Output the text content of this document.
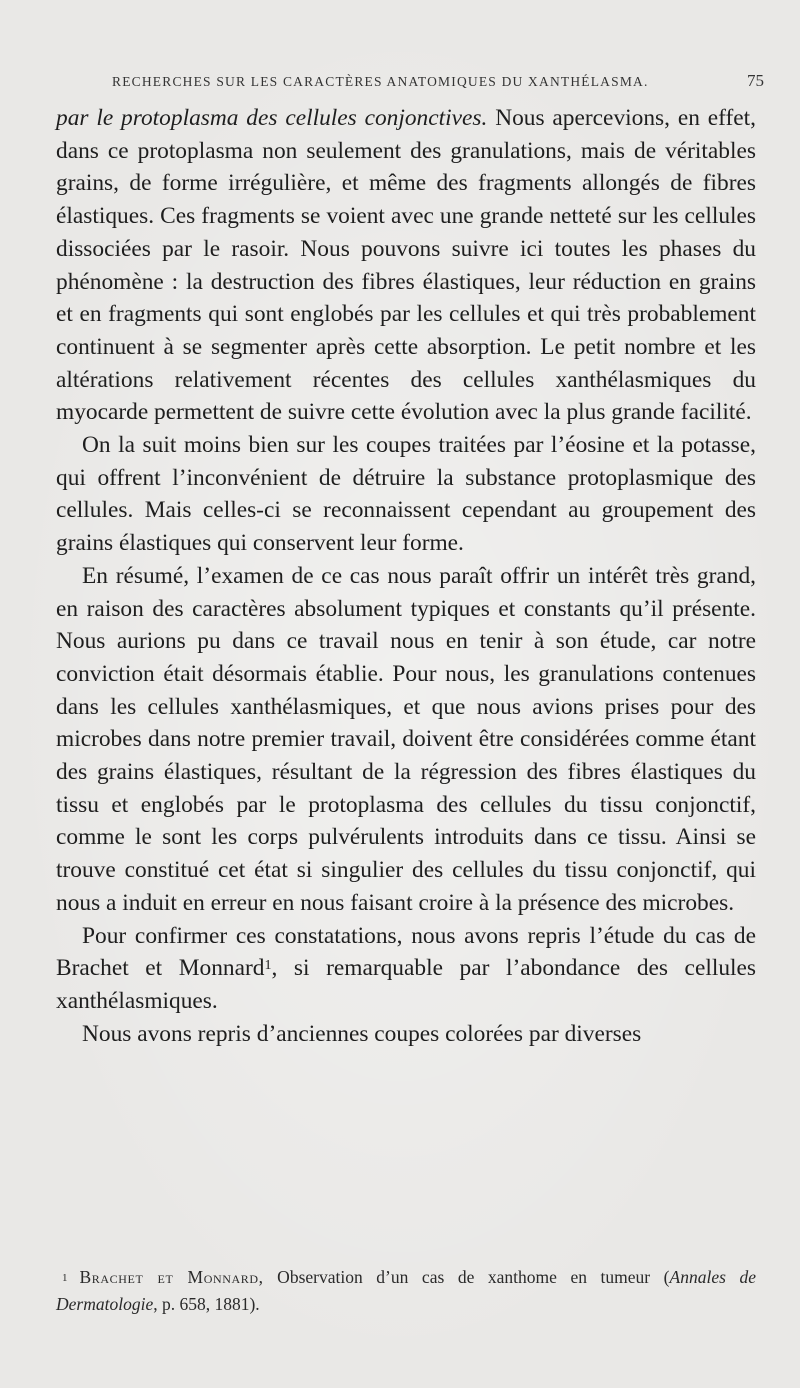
RECHERCHES SUR LES CARACTÈRES ANATOMIQUES DU XANTHÉLASMA.	75

par le protoplasma des cellules conjonctives. Nous apercevions, en effet, dans ce protoplasma non seulement des granulations, mais de véritables grains, de forme irrégulière, et même des fragments allongés de fibres élastiques. Ces fragments se voient avec une grande netteté sur les cellules dissociées par le rasoir. Nous pouvons suivre ici toutes les phases du phénomène : la destruction des fibres élastiques, leur réduction en grains et en fragments qui sont englobés par les cellules et qui très probablement continuent à se segmenter après cette absorption. Le petit nombre et les altérations relativement récentes des cellules xanthélasmiques du myocarde permettent de suivre cette évolution avec la plus grande facilité.

On la suit moins bien sur les coupes traitées par l’éosine et la potasse, qui offrent l’inconvénient de détruire la substance protoplasmique des cellules. Mais celles-ci se reconnaissent cependant au groupement des grains élastiques qui conservent leur forme.

En résumé, l’examen de ce cas nous paraît offrir un intérêt très grand, en raison des caractères absolument typiques et constants qu’il présente. Nous aurions pu dans ce travail nous en tenir à son étude, car notre conviction était désormais établie. Pour nous, les granulations contenues dans les cellules xanthélasmiques, et que nous avions prises pour des microbes dans notre premier travail, doivent être considérées comme étant des grains élastiques, résultant de la régression des fibres élastiques du tissu et englobés par le protoplasma des cellules du tissu conjonctif, comme le sont les corps pulvérulents introduits dans ce tissu. Ainsi se trouve constitué cet état si singulier des cellules du tissu conjonctif, qui nous a induit en erreur en nous faisant croire à la présence des microbes.

Pour confirmer ces constatations, nous avons repris l’étude du cas de Brachet et Monnard$^1$, si remarquable par l’abondance des cellules xanthélasmiques.

Nous avons repris d’anciennes coupes colorées par diverses

$^1$ Brachet et Monnard, Observation d’un cas de xanthome en tumeur (Annales de Dermatologie, p. 658, 1881).
